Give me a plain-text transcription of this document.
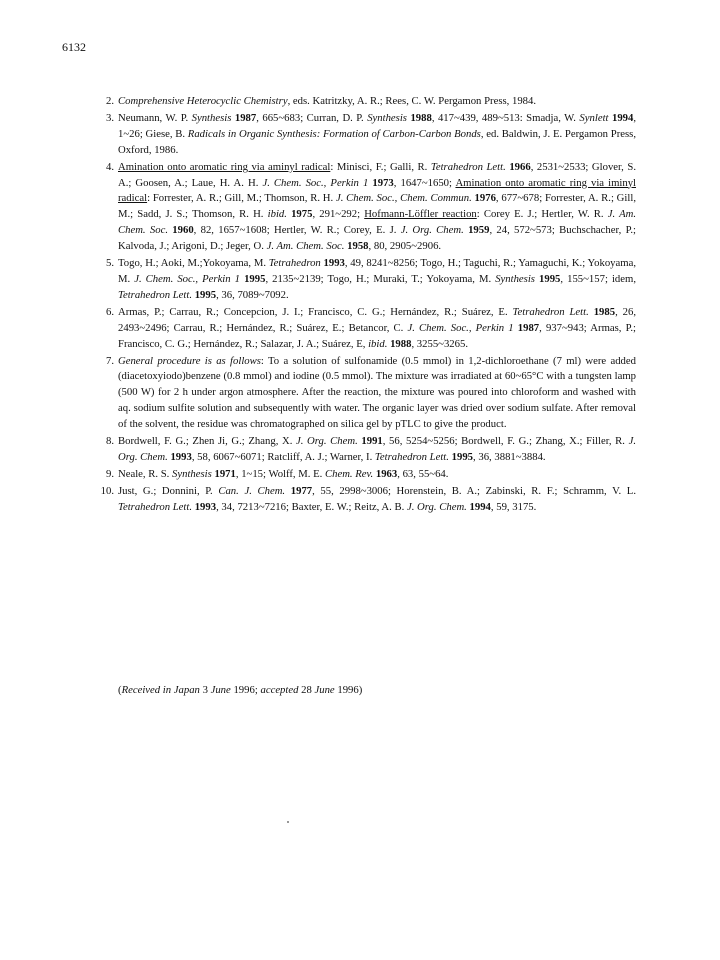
6132
2. Comprehensive Heterocyclic Chemistry, eds. Katritzky, A. R.; Rees, C. W. Pergamon Press, 1984.
3. Neumann, W. P. Synthesis 1987, 665~683; Curran, D. P. Synthesis 1988, 417~439, 489~513: Smadja, W. Synlett 1994, 1~26; Giese, B. Radicals in Organic Synthesis: Formation of Carbon-Carbon Bonds, ed. Baldwin, J. E. Pergamon Press, Oxford, 1986.
4. Amination onto aromatic ring via aminyl radical: Minisci, F.; Galli, R. Tetrahedron Lett. 1966, 2531~2533; Glover, S. A.; Goosen, A.; Laue, H. A. H. J. Chem. Soc., Perkin 1 1973, 1647~1650; Amination onto aromatic ring via iminyl radical: Forrester, A. R.; Gill, M.; Thomson, R. H. J. Chem. Soc., Chem. Commun. 1976, 677~678; Forrester, A. R.; Gill, M.; Sadd, J. S.; Thomson, R. H. ibid. 1975, 291~292; Hofmann-Löffler reaction: Corey E. J.; Hertler, W. R. J. Am. Chem. Soc. 1960, 82, 1657~1608; Hertler, W. R.; Corey, E. J. J. Org. Chem. 1959, 24, 572~573; Buchschacher, P.; Kalvoda, J.; Arigoni, D.; Jeger, O. J. Am. Chem. Soc. 1958, 80, 2905~2906.
5. Togo, H.; Aoki, M.;Yokoyama, M. Tetrahedron 1993, 49, 8241~8256; Togo, H.; Taguchi, R.; Yamaguchi, K.; Yokoyama, M. J. Chem. Soc., Perkin 1 1995, 2135~2139; Togo, H.; Muraki, T.; Yokoyama, M. Synthesis 1995, 155~157; idem, Tetrahedron Lett. 1995, 36, 7089~7092.
6. Armas, P.; Carrau, R.; Concepcion, J. I.; Francisco, C. G.; Hernández, R.; Suárez, E. Tetrahedron Lett. 1985, 26, 2493~2496; Carrau, R.; Hernández, R.; Suárez, E.; Betancor, C. J. Chem. Soc., Perkin 1 1987, 937~943; Armas, P.; Francisco, C. G.; Hernández, R.; Salazar, J. A.; Suárez, E, ibid. 1988, 3255~3265.
7. General procedure is as follows: To a solution of sulfonamide (0.5 mmol) in 1,2-dichloroethane (7 ml) were added (diacetoxyiodo)benzene (0.8 mmol) and iodine (0.5 mmol). The mixture was irradiated at 60~65°C with a tungsten lamp (500 W) for 2 h under argon atmosphere. After the reaction, the mixture was poured into chloroform and washed with aq. sodium sulfite solution and subsequently with water. The organic layer was dried over sodium sulfate. After removal of the solvent, the residue was chromatographed on silica gel by pTLC to give the product.
8. Bordwell, F. G.; Zhen Ji, G.; Zhang, X. J. Org. Chem. 1991, 56, 5254~5256; Bordwell, F. G.; Zhang, X.; Filler, R. J. Org. Chem. 1993, 58, 6067~6071; Ratcliff, A. J.; Warner, I. Tetrahedron Lett. 1995, 36, 3881~3884.
9. Neale, R. S. Synthesis 1971, 1~15; Wolff, M. E. Chem. Rev. 1963, 63, 55~64.
10. Just, G.; Donnini, P. Can. J. Chem. 1977, 55, 2998~3006; Horenstein, B. A.; Zabinski, R. F.; Schramm, V. L. Tetrahedron Lett. 1993, 34, 7213~7216; Baxter, E. W.; Reitz, A. B. J. Org. Chem. 1994, 59, 3175.
(Received in Japan 3 June 1996; accepted 28 June 1996)
